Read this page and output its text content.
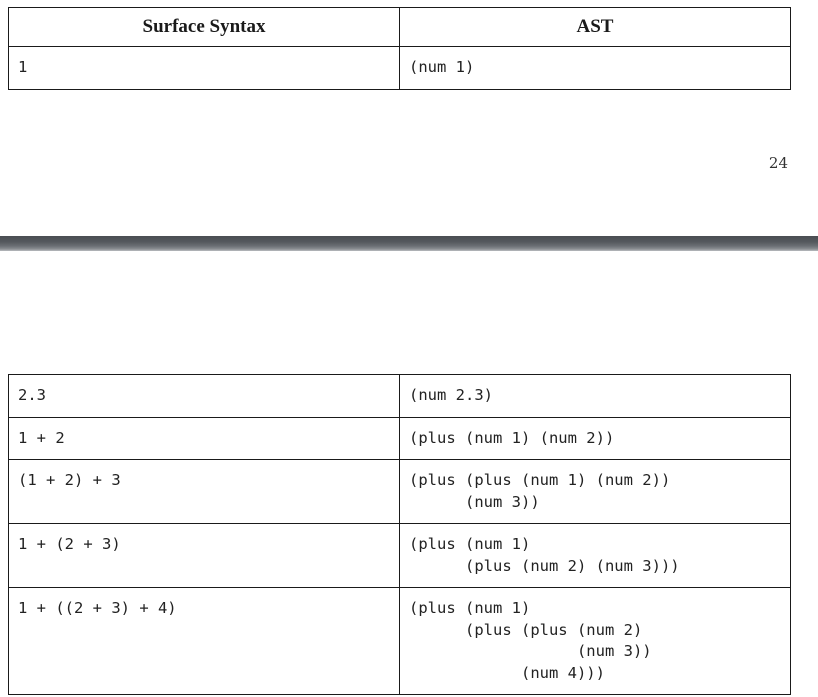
Surface Syntax	AST
1	(num 1)
24
2.3	(num 2.3)
1 + 2	(plus (num 1) (num 2))
(1 + 2) + 3	(plus (plus (num 1) (num 2))
(num 3))
1 + (2 + 3)	(plus (num 1)
(plus (num 2) (num 3)))
1 + ((2 + 3) + 4)	(plus (num 1)
(plus (plus (num 2)
(num 3))
(num 4)))
